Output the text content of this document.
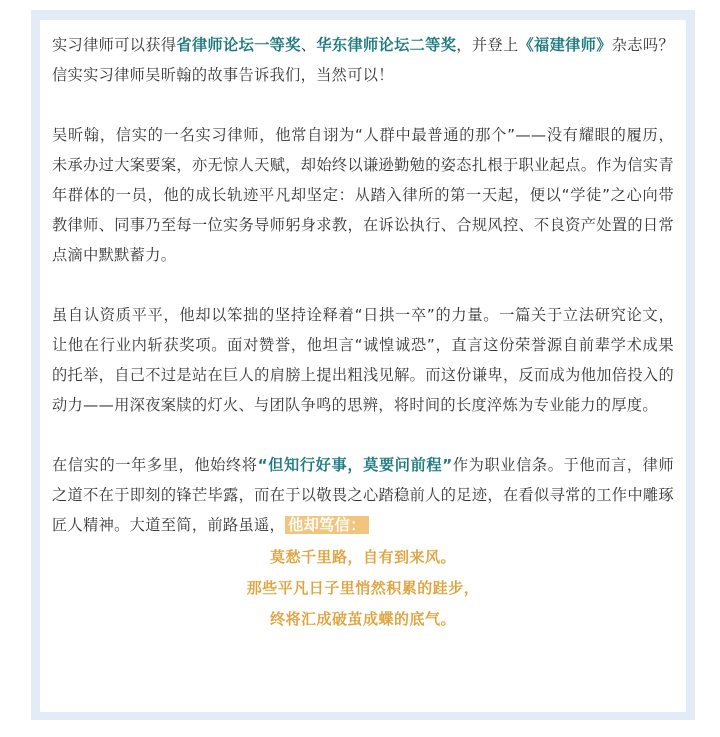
实习律师可以获得省律师论坛一等奖、华东律师论坛二等奖，并登上《福建律师》杂志吗？信实实习律师吴昕翰的故事告诉我们，当然可以！

吴昕翰，信实的一名实习律师，他常自诩为“人群中最普通的那个”——没有耀眼的履历，未承办过大案要案，亦无惊人天赋，却始终以谦逊勤勉的姿态扎根于职业起点。作为信实青年群体的一员，他的成长轨迹平凡却坚定：从踏入律所的第一天起，便以“学徒”之心向带教律师、同事乃至每一位实务导师躬身求教，在诉讼执行、合规风控、不良资产处置的日常点滴中默默蓄力。

虽自认资质平平，他却以笨拙的坚持诠释着“日拱一卒”的力量。一篇关于立法研究论文，让他在行业内斩获奖项。面对赞誉，他坦言“诚惶诚恐”，直言这份荣誉源自前辈学术成果的托举，自己不过是站在巨人的肩膀上提出粗浅见解。而这份谦卑，反而成为他加倍投入的动力——用深夜案牍的灯火、与团队争鸣的思辨，将时间的长度淬炼为专业能力的厚度。

在信实的一年多里，他始终将“但知行好事，莫要问前程”作为职业信条。于他而言，律师之道不在于即刻的锋芒毕露，而在于以敬畏之心踏稳前人的足迹，在看似寻常的工作中雕琢匠人精神。大道至简，前路虽遥， 他却笃信：

莫愁千里路，自有到来风。
那些平凡日子里悄然积累的跬步，
终将汇成破茧成蝶的底气。
